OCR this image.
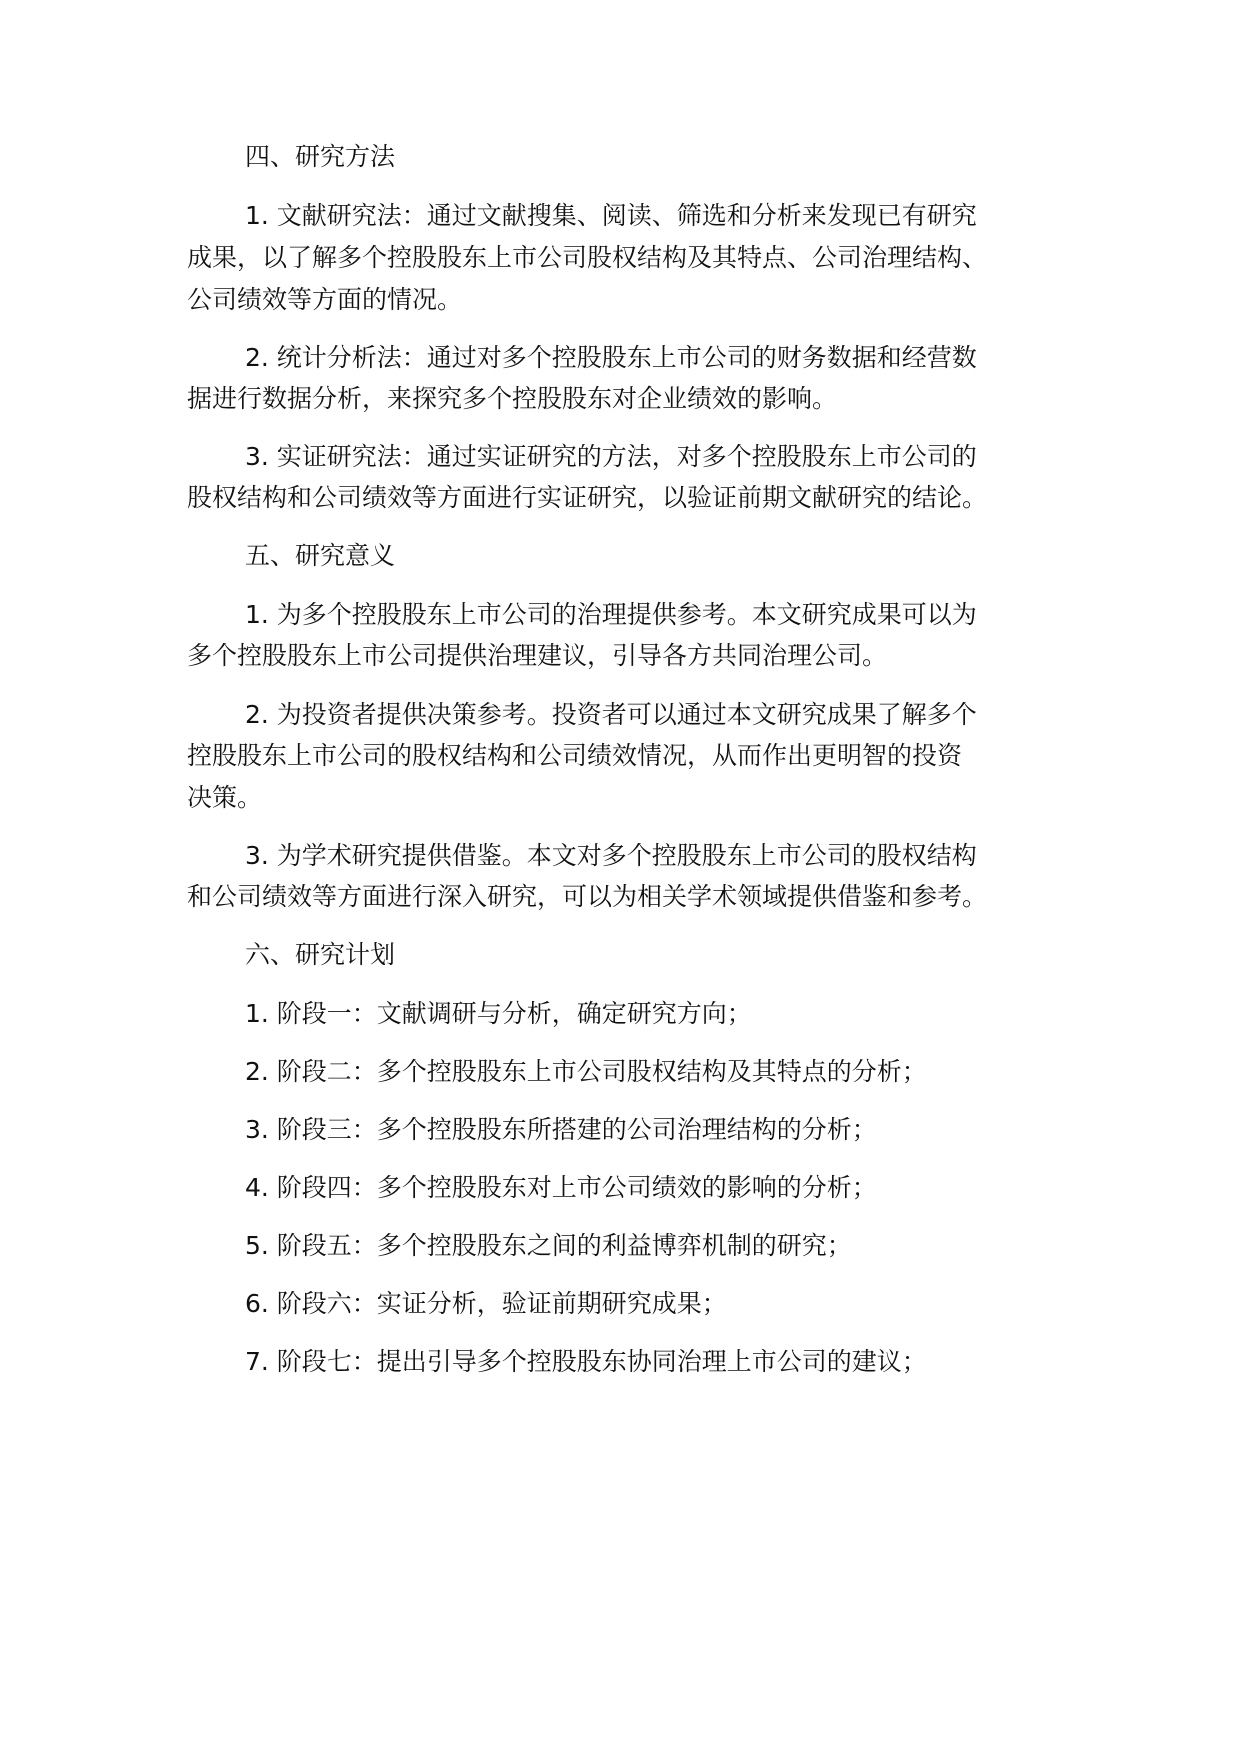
四、研究方法
1. 文献研究法：通过文献搜集、阅读、筛选和分析来发现已有研究
成果，以了解多个控股股东上市公司股权结构及其特点、公司治理结构、
公司绩效等方面的情况。
2. 统计分析法：通过对多个控股股东上市公司的财务数据和经营数
据进行数据分析，来探究多个控股股东对企业绩效的影响。
3. 实证研究法：通过实证研究的方法，对多个控股股东上市公司的
股权结构和公司绩效等方面进行实证研究，以验证前期文献研究的结论。
五、研究意义
1. 为多个控股股东上市公司的治理提供参考。本文研究成果可以为
多个控股股东上市公司提供治理建议，引导各方共同治理公司。
2. 为投资者提供决策参考。投资者可以通过本文研究成果了解多个
控股股东上市公司的股权结构和公司绩效情况，从而作出更明智的投资
决策。
3. 为学术研究提供借鉴。本文对多个控股股东上市公司的股权结构
和公司绩效等方面进行深入研究，可以为相关学术领域提供借鉴和参考。
六、研究计划
1. 阶段一：文献调研与分析，确定研究方向；
2. 阶段二：多个控股股东上市公司股权结构及其特点的分析；
3. 阶段三：多个控股股东所搭建的公司治理结构的分析；
4. 阶段四：多个控股股东对上市公司绩效的影响的分析；
5. 阶段五：多个控股股东之间的利益博弈机制的研究；
6. 阶段六：实证分析，验证前期研究成果；
7. 阶段七：提出引导多个控股股东协同治理上市公司的建议；
